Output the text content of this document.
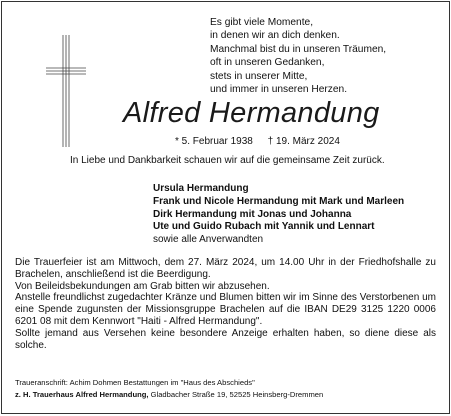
Es gibt viele Momente,
in denen wir an dich denken.
Manchmal bist du in unseren Träumen,
oft in unseren Gedanken,
stets in unserer Mitte,
und immer in unseren Herzen.
Alfred Hermandung
* 5. Februar 1938 † 19. März 2024
In Liebe und Dankbarkeit schauen wir auf die gemeinsame Zeit zurück.
Ursula Hermandung
Frank und Nicole Hermandung mit Mark und Marleen
Dirk Hermandung mit Jonas und Johanna
Ute und Guido Rubach mit Yannik und Lennart
sowie alle Anverwandten

Die Trauerfeier ist am Mittwoch, dem 27. März 2024, um 14.00 Uhr in der Friedhofshalle zu Brachelen, anschließend ist die Beerdigung.

Von Beileidsbekundungen am Grab bitten wir abzusehen.

Anstelle freundlichst zugedachter Kränze und Blumen bitten wir im Sinne des Verstorbenen um eine Spende zugunsten der Missionsgruppe Brachelen auf die IBAN DE29 3125 1220 0006 6201 08 mit dem Kennwort "Haiti - Alfred Hermandung".

Sollte jemand aus Versehen keine besondere Anzeige erhalten haben, so diene diese als solche.

Traueranschrift: Achim Dohmen Bestattungen im "Haus des Abschieds"
z. H. Trauerhaus Alfred Hermandung, Gladbacher Straße 19, 52525 Heinsberg-Dremmen
